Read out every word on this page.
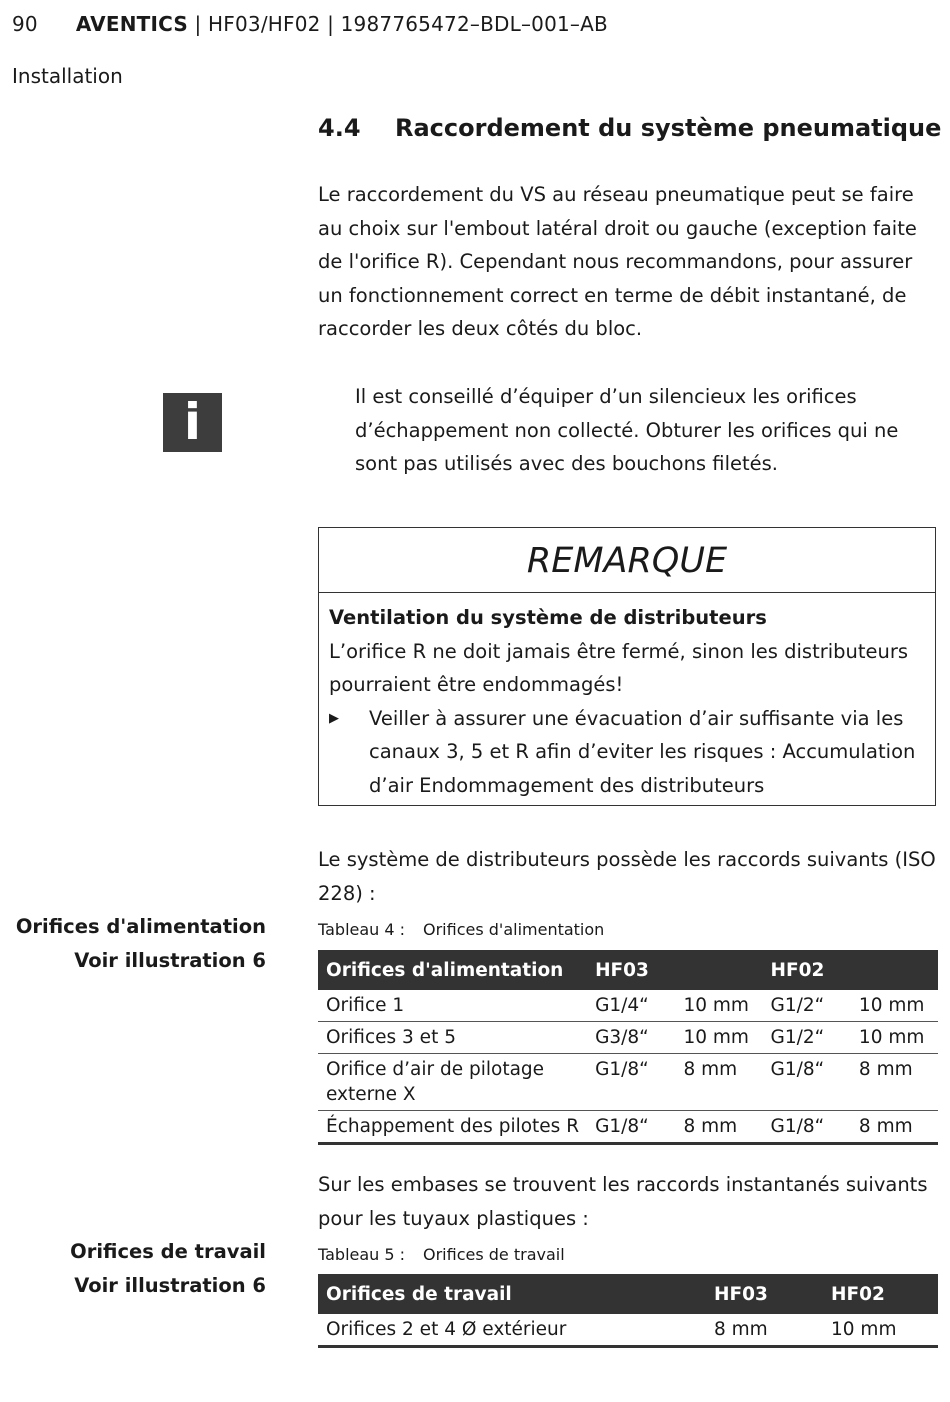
90 AVENTICS | HF03/HF02 | 1987765472–BDL–001–AB
Installation
4.4 Raccordement du système pneumatique
Le raccordement du VS au réseau pneumatique peut se faire au choix sur l'embout latéral droit ou gauche (exception faite de l'orifice R). Cependant nous recommandons, pour assurer un fonctionnement correct en terme de débit instantané, de raccorder les deux côtés du bloc.
i	Il est conseillé d’équiper d’un silencieux les orifices d’échappement non collecté. Obturer les orifices qui ne sont pas utilisés avec des bouchons filetés.
REMARQUE
Ventilation du système de distributeurs
L’orifice R ne doit jamais être fermé, sinon les distributeurs pourraient être endommagés!
▶ Veiller à assurer une évacuation d’air suffisante via les canaux 3, 5 et R afin d’eviter les risques : Accumulation d’air Endommagement des distributeurs
Le système de distributeurs possède les raccords suivants (ISO 228) :
Orifices d'alimentation
Voir illustration 6
Tableau 4 : Orifices d'alimentation
Orifices d'alimentation	HF03		HF02	
Orifice 1	G1/4“	10 mm	G1/2“	10 mm
Orifices 3 et 5	G3/8“	10 mm	G1/2“	10 mm
Orifice d’air de pilotage externe X	G1/8“	8 mm	G1/8“	8 mm
Échappement des pilotes R	G1/8“	8 mm	G1/8“	8 mm
Sur les embases se trouvent les raccords instantanés suivants pour les tuyaux plastiques :
Orifices de travail
Voir illustration 6
Tableau 5 : Orifices de travail
Orifices de travail	HF03	HF02
Orifices 2 et 4 Ø extérieur	8 mm	10 mm
